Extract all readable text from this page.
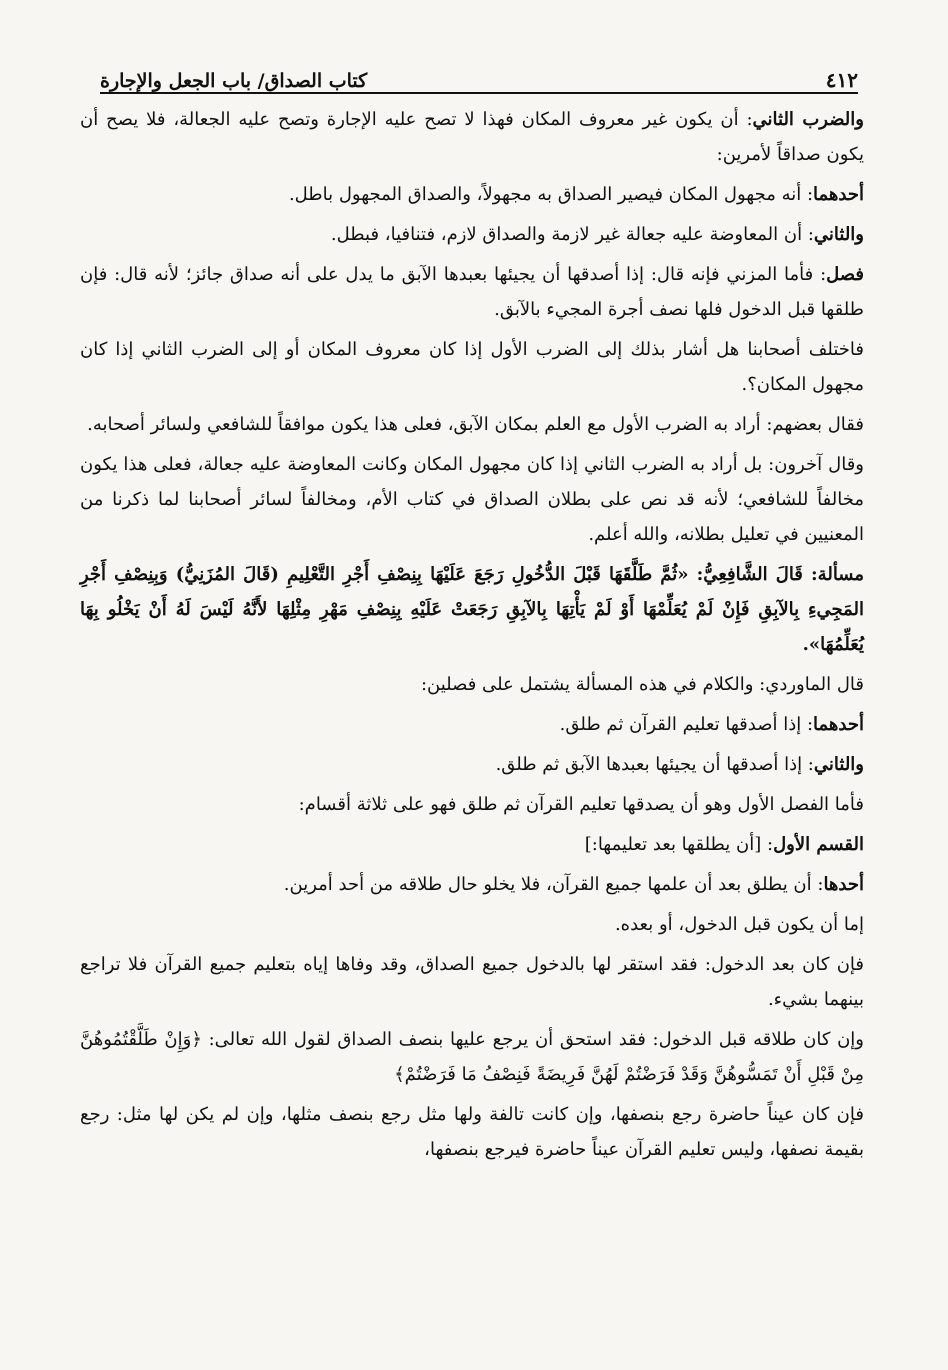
٤١٢
كتاب الصداق/ باب الجعل والإجارة

والضرب الثاني: أن يكون غير معروف المكان فهذا لا تصح عليه الإجارة وتصح عليه الجعالة، فلا يصح أن يكون صداقاً لأمرين:

أحدهما: أنه مجهول المكان فيصير الصداق به مجهولاً، والصداق المجهول باطل.

والثاني: أن المعاوضة عليه جعالة غير لازمة والصداق لازم، فتنافيا، فبطل.

فصل: فأما المزني فإنه قال: إذا أصدقها أن يجيئها بعبدها الآبق ما يدل على أنه صداق جائز؛ لأنه قال: فإن طلقها قبل الدخول فلها نصف أجرة المجيء بالآبق.

فاختلف أصحابنا هل أشار بذلك إلى الضرب الأول إذا كان معروف المكان أو إلى الضرب الثاني إذا كان مجهول المكان؟.

فقال بعضهم: أراد به الضرب الأول مع العلم بمكان الآبق، فعلى هذا يكون موافقاً للشافعي ولسائر أصحابه.

وقال آخرون: بل أراد به الضرب الثاني إذا كان مجهول المكان وكانت المعاوضة عليه جعالة، فعلى هذا يكون مخالفاً للشافعي؛ لأنه قد نص على بطلان الصداق في كتاب الأم، ومخالفاً لسائر أصحابنا لما ذكرنا من المعنيين في تعليل بطلانه، والله أعلم.

مسألة: قَالَ الشَّافِعِيُّ: «ثُمَّ طَلَّقَهَا قَبْلَ الدُّخُولِ رَجَعَ عَلَيْهَا بِنِصْفِ أَجْرِ التَّعْلِيمِ (قَالَ المُزَنِيُّ) وَبِنِصْفِ أَجْرِ المَجِيءِ بِالآبِقِ فَإِنْ لَمْ يُعَلِّمْهَا أَوْ لَمْ يَأْتِهَا بِالآبِقِ رَجَعَتْ عَلَيْهِ بِنِصْفِ مَهْرِ مِثْلِهَا لأَنَّهُ لَيْسَ لَهُ أَنْ يَخْلُو بِهَا يُعَلِّمُهَا».

قال الماوردي: والكلام في هذه المسألة يشتمل على فصلين:

أحدهما: إذا أصدقها تعليم القرآن ثم طلق.

والثاني: إذا أصدقها أن يجيئها بعبدها الآبق ثم طلق.

فأما الفصل الأول وهو أن يصدقها تعليم القرآن ثم طلق فهو على ثلاثة أقسام:

القسم الأول: [أن يطلقها بعد تعليمها:]

أحدها: أن يطلق بعد أن علمها جميع القرآن، فلا يخلو حال طلاقه من أحد أمرين.

إما أن يكون قبل الدخول، أو بعده.

فإن كان بعد الدخول: فقد استقر لها بالدخول جميع الصداق، وقد وفاها إياه بتعليم جميع القرآن فلا تراجع بينهما بشيء.

وإن كان طلاقه قبل الدخول: فقد استحق أن يرجع عليها بنصف الصداق لقول الله تعالى: ﴿وَإِنْ طَلَّقْتُمُوهُنَّ مِنْ قَبْلِ أَنْ تَمَسُّوهُنَّ وَقَدْ فَرَضْتُمْ لَهُنَّ فَرِيضَةً فَنِصْفُ مَا فَرَضْتُمْ﴾

فإن كان عيناً حاضرة رجع بنصفها، وإن كانت تالفة ولها مثل رجع بنصف مثلها، وإن لم يكن لها مثل: رجع بقيمة نصفها، وليس تعليم القرآن عيناً حاضرة فيرجع بنصفها،
